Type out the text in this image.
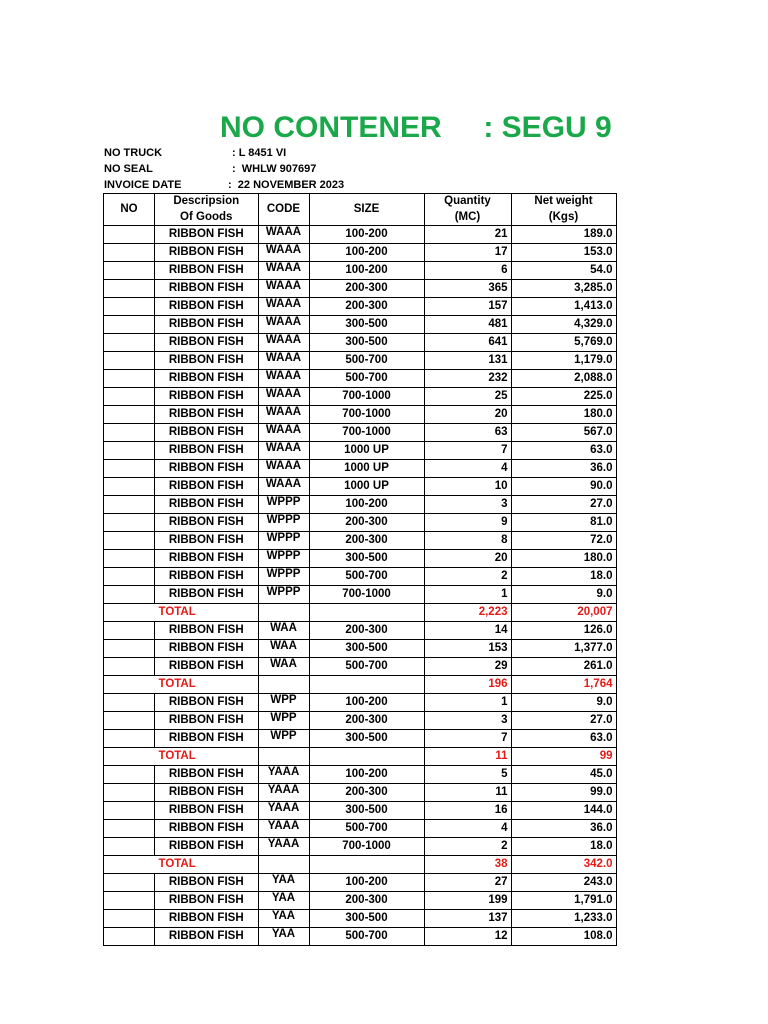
NO CONTENER     : SEGU 9
NO TRUCK	: L 8451 VI
NO SEAL	:  WHLW 907697
INVOICE DATE	:  22 NOVEMBER 2023
NO	Descripsion	CODE	SIZE	Quantity	Net weight
	Of Goods			(MC)	(Kgs)
	RIBBON FISH	WAAA	100-200	21	189.0
	RIBBON FISH	WAAA	100-200	17	153.0
	RIBBON FISH	WAAA	100-200	6	54.0
	RIBBON FISH	WAAA	200-300	365	3,285.0
	RIBBON FISH	WAAA	200-300	157	1,413.0
	RIBBON FISH	WAAA	300-500	481	4,329.0
	RIBBON FISH	WAAA	300-500	641	5,769.0
	RIBBON FISH	WAAA	500-700	131	1,179.0
	RIBBON FISH	WAAA	500-700	232	2,088.0
	RIBBON FISH	WAAA	700-1000	25	225.0
	RIBBON FISH	WAAA	700-1000	20	180.0
	RIBBON FISH	WAAA	700-1000	63	567.0
	RIBBON FISH	WAAA	1000 UP	7	63.0
	RIBBON FISH	WAAA	1000 UP	4	36.0
	RIBBON FISH	WAAA	1000 UP	10	90.0
	RIBBON FISH	WPPP	100-200	3	27.0
	RIBBON FISH	WPPP	200-300	9	81.0
	RIBBON FISH	WPPP	200-300	8	72.0
	RIBBON FISH	WPPP	300-500	20	180.0
	RIBBON FISH	WPPP	500-700	2	18.0
	RIBBON FISH	WPPP	700-1000	1	9.0
	TOTAL			2,223	20,007
	RIBBON FISH	WAA	200-300	14	126.0
	RIBBON FISH	WAA	300-500	153	1,377.0
	RIBBON FISH	WAA	500-700	29	261.0
	TOTAL			196	1,764
	RIBBON FISH	WPP	100-200	1	9.0
	RIBBON FISH	WPP	200-300	3	27.0
	RIBBON FISH	WPP	300-500	7	63.0
	TOTAL			11	99
	RIBBON FISH	YAAA	100-200	5	45.0
	RIBBON FISH	YAAA	200-300	11	99.0
	RIBBON FISH	YAAA	300-500	16	144.0
	RIBBON FISH	YAAA	500-700	4	36.0
	RIBBON FISH	YAAA	700-1000	2	18.0
	TOTAL			38	342.0
	RIBBON FISH	YAA	100-200	27	243.0
	RIBBON FISH	YAA	200-300	199	1,791.0
	RIBBON FISH	YAA	300-500	137	1,233.0
	RIBBON FISH	YAA	500-700	12	108.0
